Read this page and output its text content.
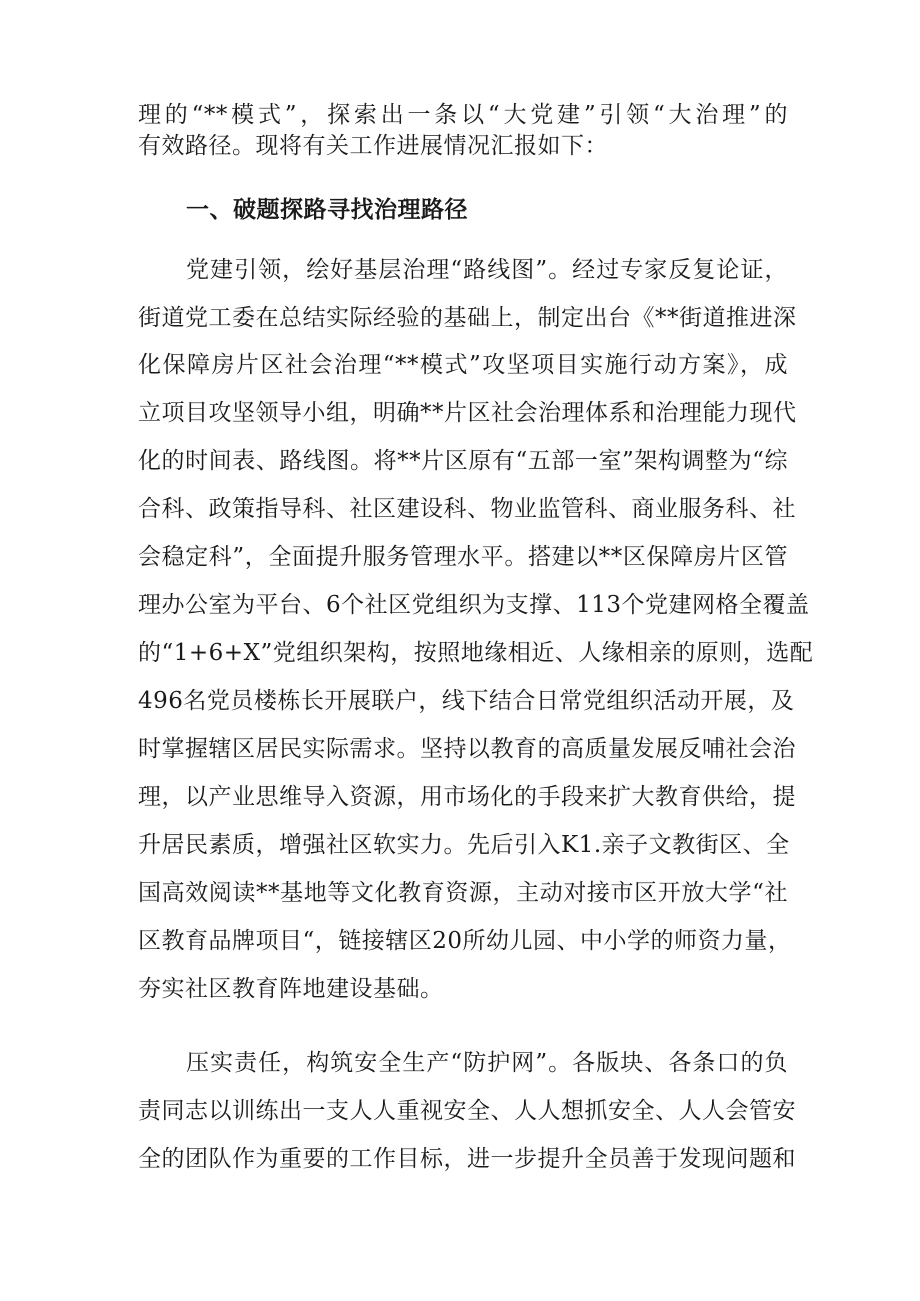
理的“**模式”，探索出一条以“大党建”引领“大治理”的
有效路径。现将有关工作进展情况汇报如下：
一、破题探路寻找治理路径
党建引领，绘好基层治理“路线图”。经过专家反复论证，
街道党工委在总结实际经验的基础上，制定出台《**街道推进深
化保障房片区社会治理“**模式”攻坚项目实施行动方案》，成
立项目攻坚领导小组，明确**片区社会治理体系和治理能力现代
化的时间表、路线图。将**片区原有“五部一室”架构调整为“综
合科、政策指导科、社区建设科、物业监管科、商业服务科、社
会稳定科”，全面提升服务管理水平。搭建以**区保障房片区管
理办公室为平台、6个社区党组织为支撑、113个党建网格全覆盖
的“1+6+X”党组织架构，按照地缘相近、人缘相亲的原则，选配
496名党员楼栋长开展联户，线下结合日常党组织活动开展，及
时掌握辖区居民实际需求。坚持以教育的高质量发展反哺社会治
理，以产业思维导入资源，用市场化的手段来扩大教育供给，提
升居民素质，增强社区软实力。先后引入K1.亲子文教街区、全
国高效阅读**基地等文化教育资源，主动对接市区开放大学“社
区教育品牌项目“，链接辖区20所幼儿园、中小学的师资力量，
夯实社区教育阵地建设基础。
压实责任，构筑安全生产“防护网”。各版块、各条口的负
责同志以训练出一支人人重视安全、人人想抓安全、人人会管安
全的团队作为重要的工作目标，进一步提升全员善于发现问题和
